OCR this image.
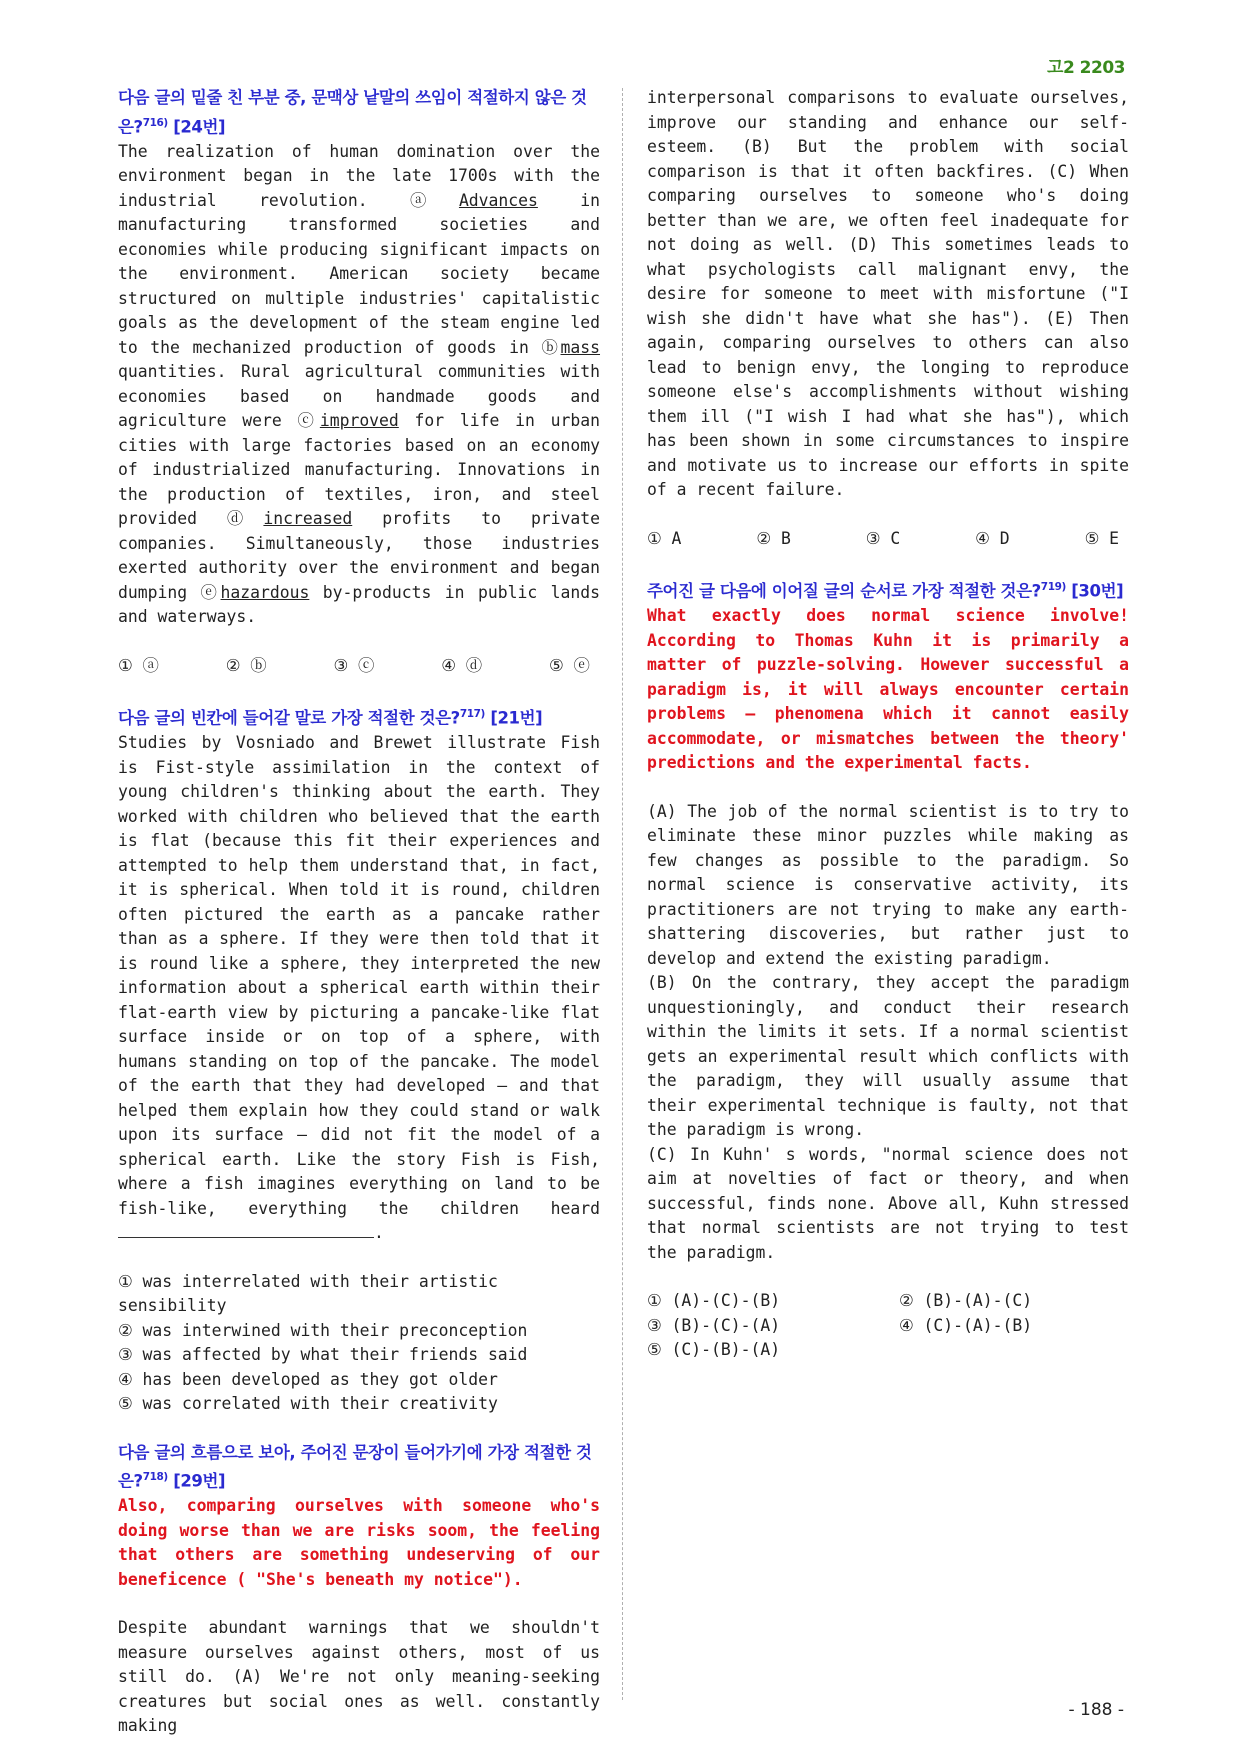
고2 2203

다음 글의 밑줄 친 부분 중, 문맥상 낱말의 쓰임이 적절하지 않은 것은?$^{716)}$ [24번]

The realization of human domination over the environment began in the late 1700s with the industrial revolution. ⓐAdvances in manufacturing transformed societies and economies while producing significant impacts on the environment. American society became structured on multiple industries' capitalistic goals as the development of the steam engine led to the mechanized production of goods in ⓑmass quantities. Rural agricultural communities with economies based on handmade goods and agriculture were ⓒimproved for life in urban cities with large factories based on an economy of industrialized manufacturing. Innovations in the production of textiles, iron, and steel provided ⓓincreased profits to private companies. Simultaneously, those industries exerted authority over the environment and began dumping ⓔhazardous by-products in public lands and waterways.

① ⓐ	② ⓑ	③ ⓒ	④ ⓓ	⑤ ⓔ

다음 글의 빈칸에 들어갈 말로 가장 적절한 것은?$^{717)}$ [21번]

Studies by Vosniado and Brewet illustrate Fish is Fist-style assimilation in the context of young children's thinking about the earth. They worked with children who believed that the earth is flat (because this fit their experiences and attempted to help them understand that, in fact, it is spherical. When told it is round, children often pictured the earth as a pancake rather than as a sphere. If they were then told that it is round like a sphere, they interpreted the new information about a spherical earth within their flat-earth view by picturing a pancake-like flat surface inside or on top of a sphere, with humans standing on top of the pancake. The model of the earth that they had developed — and that helped them explain how they could stand or walk upon its surface — did not fit the model of a spherical earth. Like the story Fish is Fish, where a fish imagines everything on land to be fish-like, everything the children heard .

① was interrelated with their artistic sensibility

② was interwined with their preconception

③ was affected by what their friends said

④ has been developed as they got older

⑤ was correlated with their creativity

다음 글의 흐름으로 보아, 주어진 문장이 들어가기에 가장 적절한 것은?$^{718)}$ [29번]

Also, comparing ourselves with someone who's doing worse than we are risks soom, the feeling that others are something undeserving of our beneficence ( "She's beneath my notice").

Despite abundant warnings that we shouldn't measure ourselves against others, most of us still do. (A) We're not only meaning-seeking creatures but social ones as well. constantly making

interpersonal comparisons to evaluate ourselves, improve our standing and enhance our self-esteem. (B) But the problem with social comparison is that it often backfires. (C) When comparing ourselves to someone who's doing better than we are, we often feel inadequate for not doing as well. (D) This sometimes leads to what psychologists call malignant envy, the desire for someone to meet with misfortune ("I wish she didn't have what she has"). (E) Then again, comparing ourselves to others can also lead to benign envy, the longing to reproduce someone else's accomplishments without wishing them ill ("I wish I had what she has"), which has been shown in some circumstances to inspire and motivate us to increase our efforts in spite of a recent failure.

① A	② B	③ C	④ D	⑤ E

주어진 글 다음에 이어질 글의 순서로 가장 적절한 것은?$^{719)}$ [30번]

What exactly does normal science involve! According to Thomas Kuhn it is primarily a matter of puzzle-solving. However successful a paradigm is, it will always encounter certain problems — phenomena which it cannot easily accommodate, or mismatches between the theory' predictions and the experimental facts.

(A) The job of the normal scientist is to try to eliminate these minor puzzles while making as few changes as possible to the paradigm. So normal science is conservative activity, its practitioners are not trying to make any earth-shattering discoveries, but rather just to develop and extend the existing paradigm.

(B) On the contrary, they accept the paradigm unquestioningly, and conduct their research within the limits it sets. If a normal scientist gets an experimental result which conflicts with the paradigm, they will usually assume that their experimental technique is faulty, not that the paradigm is wrong.

(C) In Kuhn' s words, "normal science does not aim at novelties of fact or theory, and when successful, finds none. Above all, Kuhn stressed that normal scientists are not trying to test the paradigm.

① (A)-(C)-(B)	② (B)-(A)-(C)
③ (B)-(C)-(A)	④ (C)-(A)-(B)
⑤ (C)-(B)-(A)
- 188 -
